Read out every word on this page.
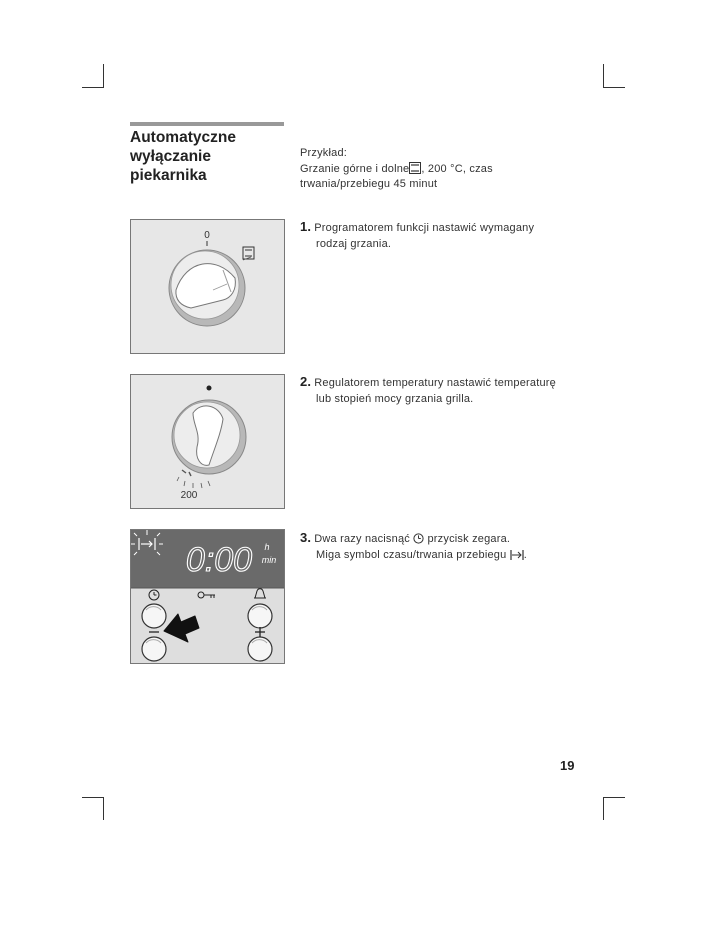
Automatyczne
wyłączanie
piekarnika
Przykład:
Grzanie górne i dolne , 200 °C, czas
trwania/przebiegu 45 minut
1. Programatorem funkcji nastawić wymagany
rodzaj grzania.
2. Regulatorem temperatury nastawić temperaturę
lub stopień mocy grzania grilla.
3. Dwa razy nacisnąć  przycisk zegara.
Miga symbol czasu/trwania przebiegu .
0
200
0:00 h
min
19
